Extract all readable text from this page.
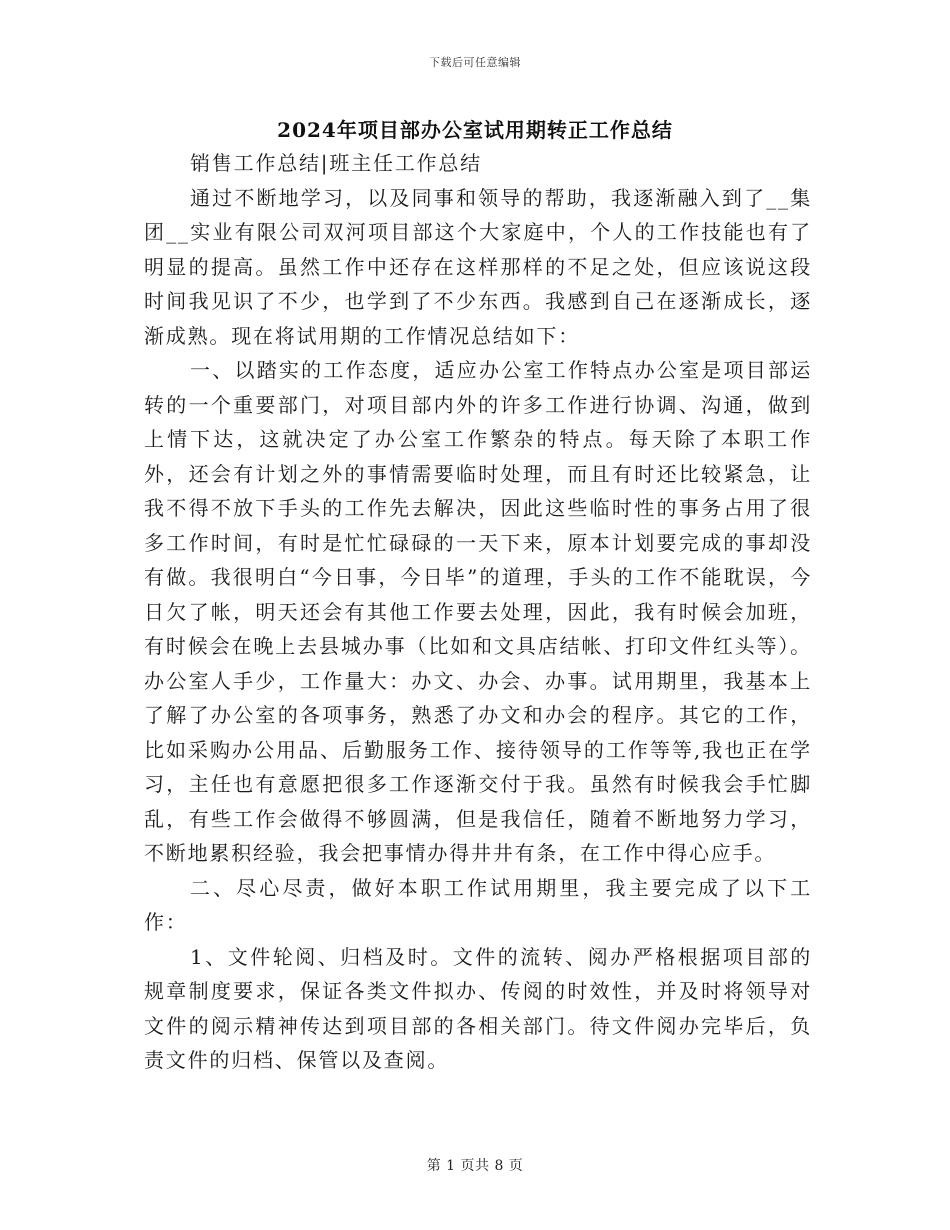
下载后可任意编辑
2024年项目部办公室试用期转正工作总结

销售工作总结|班主任工作总结

通过不断地学习，以及同事和领导的帮助，我逐渐融入到了__集团__实业有限公司双河项目部这个大家庭中，个人的工作技能也有了明显的提高。虽然工作中还存在这样那样的不足之处，但应该说这段时间我见识了不少，也学到了不少东西。我感到自己在逐渐成长，逐渐成熟。现在将试用期的工作情况总结如下：

一、以踏实的工作态度，适应办公室工作特点办公室是项目部运转的一个重要部门，对项目部内外的许多工作进行协调、沟通，做到上情下达，这就决定了办公室工作繁杂的特点。每天除了本职工作外，还会有计划之外的事情需要临时处理，而且有时还比较紧急，让我不得不放下手头的工作先去解决，因此这些临时性的事务占用了很多工作时间，有时是忙忙碌碌的一天下来，原本计划要完成的事却没有做。我很明白“今日事，今日毕”的道理，手头的工作不能耽误，今日欠了帐，明天还会有其他工作要去处理，因此，我有时候会加班，有时候会在晚上去县城办事（比如和文具店结帐、打印文件红头等）。办公室人手少，工作量大：办文、办会、办事。试用期里，我基本上了解了办公室的各项事务，熟悉了办文和办会的程序。其它的工作，比如采购办公用品、后勤服务工作、接待领导的工作等等,我也正在学习，主任也有意愿把很多工作逐渐交付于我。虽然有时候我会手忙脚乱，有些工作会做得不够圆满，但是我信任，随着不断地努力学习，不断地累积经验，我会把事情办得井井有条，在工作中得心应手。

二、尽心尽责，做好本职工作试用期里，我主要完成了以下工作：

1、文件轮阅、归档及时。文件的流转、阅办严格根据项目部的规章制度要求，保证各类文件拟办、传阅的时效性，并及时将领导对文件的阅示精神传达到项目部的各相关部门。待文件阅办完毕后，负责文件的归档、保管以及查阅。

第 1 页共 8 页
